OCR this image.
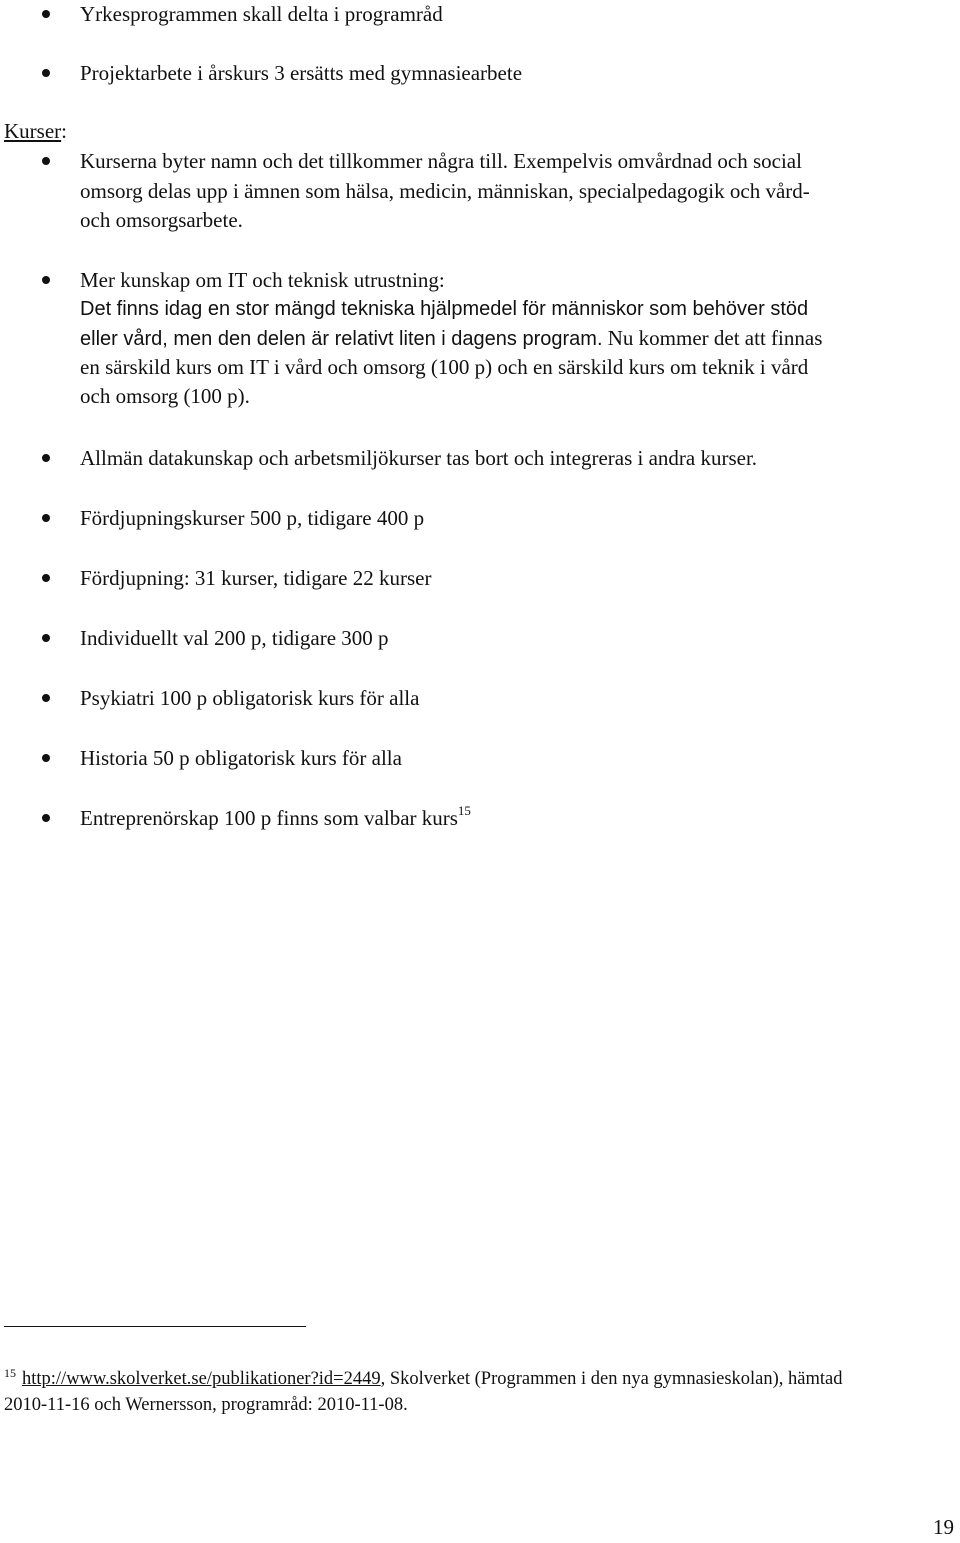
Yrkesprogrammen skall delta i programråd
Projektarbete i årskurs 3 ersätts med gymnasiearbete
Kurser:
Kurserna byter namn och det tillkommer några till. Exempelvis omvårdnad och social
omsorg delas upp i ämnen som hälsa, medicin, människan, specialpedagogik och vård-
och omsorgsarbete.
Mer kunskap om IT och teknisk utrustning:
Det finns idag en stor mängd tekniska hjälpmedel för människor som behöver stöd
eller vård, men den delen är relativt liten i dagens program. Nu kommer det att finnas
en särskild kurs om IT i vård och omsorg (100 p) och en särskild kurs om teknik i vård
och omsorg (100 p).
Allmän datakunskap och arbetsmiljökurser tas bort och integreras i andra kurser.
Fördjupningskurser 500 p, tidigare 400 p
Fördjupning: 31 kurser, tidigare 22 kurser
Individuellt val 200 p, tidigare 300 p
Psykiatri 100 p obligatorisk kurs för alla
Historia 50 p obligatorisk kurs för alla
Entreprenörskap 100 p finns som valbar kurs$^{15}$
$^{15}$ http://www.skolverket.se/publikationer?id=2449, Skolverket (Programmen i den nya gymnasieskolan), hämtad
2010-11-16 och Wernersson, programråd: 2010-11-08.
19
